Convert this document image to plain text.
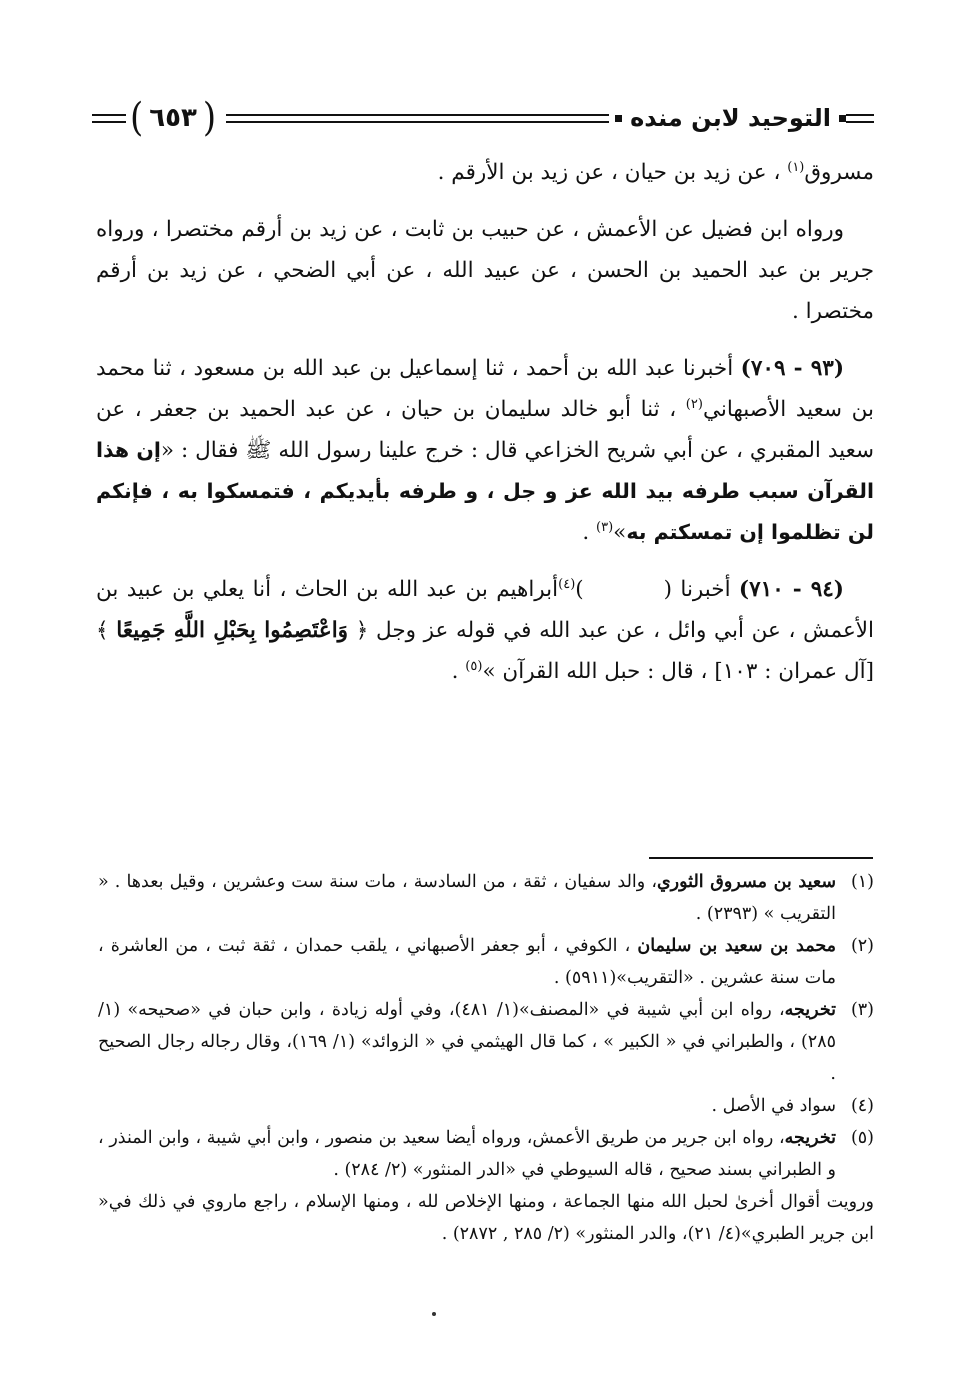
التوحيد لابن منده
(
٦٥٣
)

مسروق$^{(١)}$ ، عن زيد بن حيان ، عن زيد بن الأرقم .

ورواه ابن فضيل عن الأعمش ، عن حبيب بن ثابت ، عن زيد بن أرقم مختصرا ، ورواه جرير بن عبد الحميد بن الحسن ، عن عبيد الله ، عن أبي الضحي ، عن زيد بن أرقم مختصرا .

(٩٣ - ٧٠٩) أخبرنا عبد الله بن أحمد ، ثنا إسماعيل بن عبد الله بن مسعود ، ثنا محمد بن سعيد الأصبهاني$^{(٢)}$ ، ثنا أبو خالد سليمان بن حيان ، عن عبد الحميد بن جعفر ، عن سعيد المقبري ، عن أبي شريح الخزاعي قال : خرج علينا رسول الله ﷺ فقال : «إن هذا القرآن سبب طرفه بيد الله عز و جل ، و طرفه بأيديكم ، فتمسكوا به ، فإنكم لن تظلموا إن تمسكتم به»$^{(٣)}$ .

(٩٤ - ٧١٠) أخبرنا ()$^{(٤)}$أبراهيم بن عبد الله بن الحاث ، أنا يعلي بن عبيد بن الأعمش ، عن أبي وائل ، عن عبد الله في قوله عز وجل ﴿ وَاعْتَصِمُوا بِحَبْلِ اللَّهِ جَمِيعًا ﴾ [آل عمران : ١٠٣] ، قال : حبل الله القرآن »$^{(٥)}$ .

(١)
سعيد بن مسروق الثوري، والد سفيان ، ثقة ، من السادسة ، مات سنة ست وعشرين ، وقيل بعدها . « التقريب » (٢٣٩٣) .

(٢)
محمد بن سعيد بن سليمان ، الكوفي ، أبو جعفر الأصبهاني ، يلقب حمدان ، ثقة ثبت ، من العاشرة ، مات سنة عشرين . «التقريب»(٥٩١١) .

(٣)
تخريجه، رواه ابن أبي شيبة في «المصنف»(١/ ٤٨١)، وفي أوله زيادة ، وابن حبان في «صحيحه» (١/ ٢٨٥) ، والطبراني في « الكبير » ، كما قال الهيثمي في « الزوائد» (١/ ١٦٩)، وقال رجاله رجال الصحيح .

(٤)
سواد في الأصل .

(٥)
تخريجه، رواه ابن جرير من طريق الأعمش، ورواه أيضا سعيد بن منصور ، وابن أبي شيبة ، وابن المنذر ، و الطبراني بسند صحيح ، قاله السيوطي في «الدر المنثور» (٢/ ٢٨٤) .

ورويت أقوال أخرىٰ لحبل الله منها الجماعة ، ومنها الإخلاص لله ، ومنها الإسلام ، راجع ماروي في ذلك في« ابن جرير الطبري»(٤/ ٢١)، والدر المنثور» (٢/ ٢٨٥ , ٢٨٧٢) .
